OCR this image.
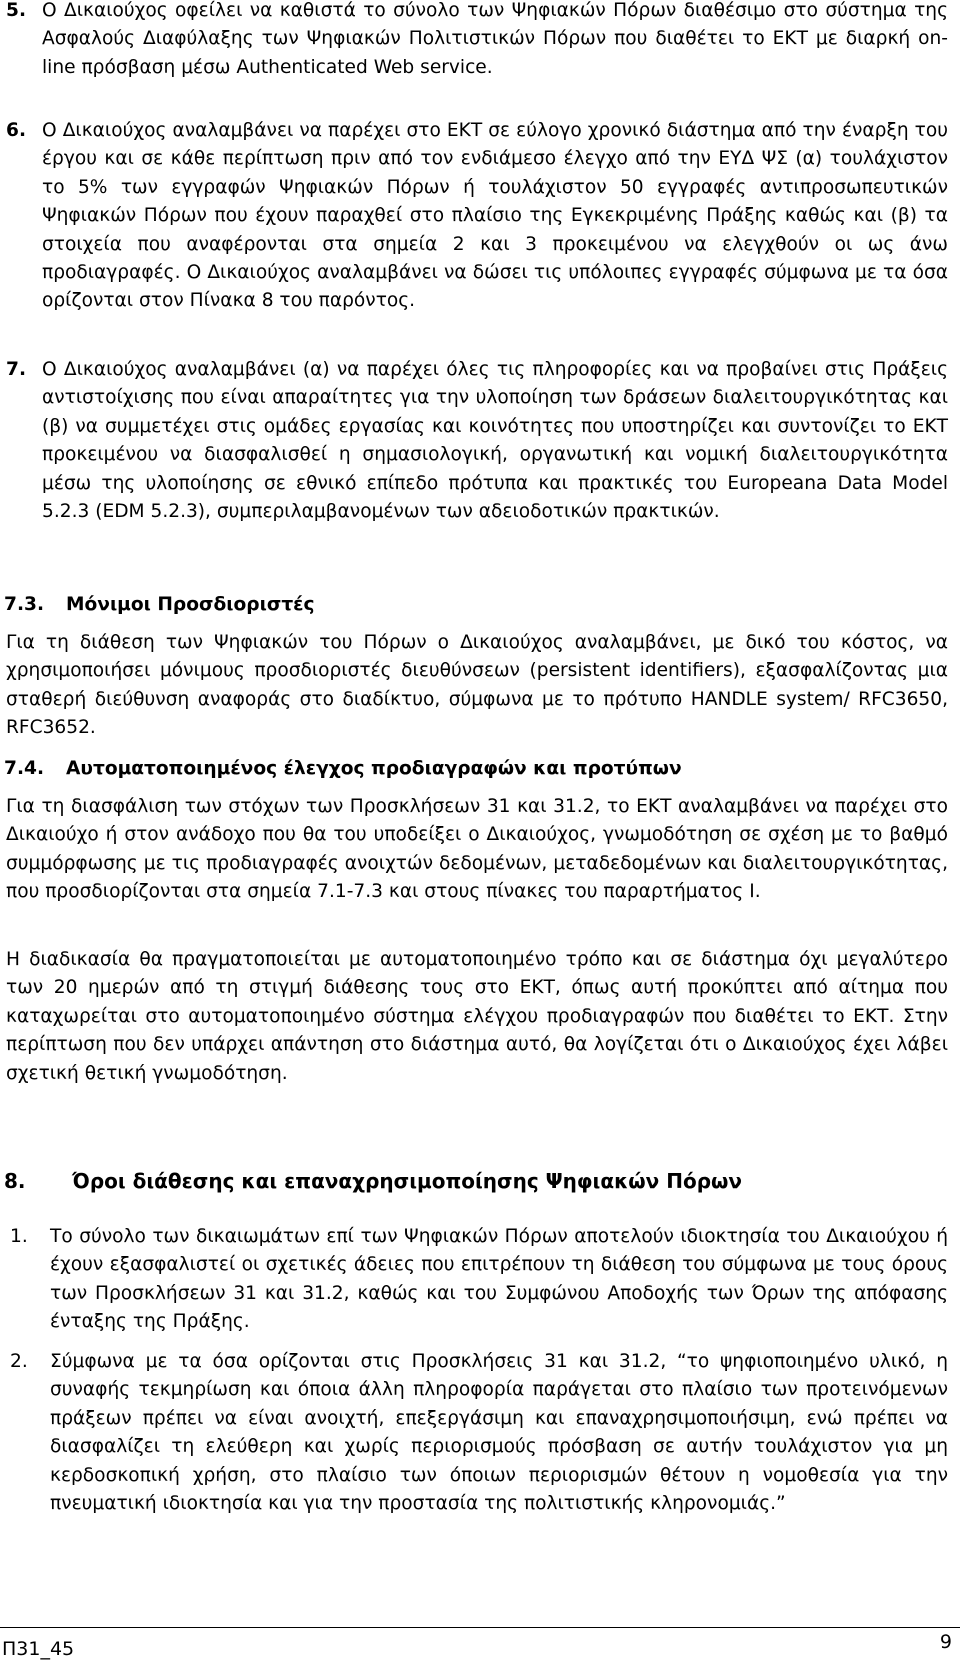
5. Ο Δικαιούχος οφείλει να καθιστά το σύνολο των Ψηφιακών Πόρων διαθέσιμο στο σύστημα της Ασφαλούς Διαφύλαξης των Ψηφιακών Πολιτιστικών Πόρων που διαθέτει το ΕΚΤ με διαρκή on-line πρόσβαση μέσω Authenticated Web service.
6. Ο Δικαιούχος αναλαμβάνει να παρέχει στο ΕΚΤ σε εύλογο χρονικό διάστημα από την έναρξη του έργου και σε κάθε περίπτωση πριν από τον ενδιάμεσο έλεγχο από την ΕΥΔ ΨΣ (α) τουλάχιστον το 5% των εγγραφών Ψηφιακών Πόρων ή τουλάχιστον 50 εγγραφές αντιπροσωπευτικών Ψηφιακών Πόρων που έχουν παραχθεί στο πλαίσιο της Εγκεκριμένης Πράξης καθώς και (β) τα στοιχεία που αναφέρονται στα σημεία 2 και 3 προκειμένου να ελεγχθούν οι ως άνω προδιαγραφές. Ο Δικαιούχος αναλαμβάνει να δώσει τις υπόλοιπες εγγραφές σύμφωνα με τα όσα ορίζονται στον Πίνακα 8 του παρόντος.
7. Ο Δικαιούχος αναλαμβάνει (α) να παρέχει όλες τις πληροφορίες και να προβαίνει στις Πράξεις αντιστοίχισης που είναι απαραίτητες για την υλοποίηση των δράσεων διαλειτουργικότητας και (β) να συμμετέχει στις ομάδες εργασίας και κοινότητες που υποστηρίζει και συντονίζει το ΕΚΤ προκειμένου να διασφαλισθεί η σημασιολογική, οργανωτική και νομική διαλειτουργικότητα μέσω της υλοποίησης σε εθνικό επίπεδο πρότυπα και πρακτικές του Europeana Data Model 5.2.3 (EDM 5.2.3), συμπεριλαμβανομένων των αδειοδοτικών πρακτικών.
7.3. Μόνιμοι Προσδιοριστές
Για τη διάθεση των Ψηφιακών του Πόρων ο Δικαιούχος αναλαμβάνει, με δικό του κόστος, να χρησιμοποιήσει μόνιμους προσδιοριστές διευθύνσεων (persistent identifiers), εξασφαλίζοντας μια σταθερή διεύθυνση αναφοράς στο διαδίκτυο, σύμφωνα με το πρότυπο HANDLE system/ RFC3650, RFC3652.
7.4. Αυτοματοποιημένος έλεγχος προδιαγραφών και προτύπων
Για τη διασφάλιση των στόχων των Προσκλήσεων 31 και 31.2, το ΕΚΤ αναλαμβάνει να παρέχει στο Δικαιούχο ή στον ανάδοχο που θα του υποδείξει ο Δικαιούχος, γνωμοδότηση σε σχέση με το βαθμό συμμόρφωσης με τις προδιαγραφές ανοιχτών δεδομένων, μεταδεδομένων και διαλειτουργικότητας, που προσδιορίζονται στα σημεία 7.1-7.3 και στους πίνακες του παραρτήματος Ι.
Η διαδικασία θα πραγματοποιείται με αυτοματοποιημένο τρόπο και σε διάστημα όχι μεγαλύτερο των 20 ημερών από τη στιγμή διάθεσης τους στο ΕΚΤ, όπως αυτή προκύπτει από αίτημα που καταχωρείται στο αυτοματοποιημένο σύστημα ελέγχου προδιαγραφών που διαθέτει το ΕΚΤ. Στην περίπτωση που δεν υπάρχει απάντηση στο διάστημα αυτό, θα λογίζεται ότι ο Δικαιούχος έχει λάβει σχετική θετική γνωμοδότηση.
8. Όροι διάθεσης και επαναχρησιμοποίησης Ψηφιακών Πόρων
1. Το σύνολο των δικαιωμάτων επί των Ψηφιακών Πόρων αποτελούν ιδιοκτησία του Δικαιούχου ή έχουν εξασφαλιστεί οι σχετικές άδειες που επιτρέπουν τη διάθεση του σύμφωνα με τους όρους των Προσκλήσεων 31 και 31.2, καθώς και του Συμφώνου Αποδοχής των Όρων της απόφασης ένταξης της Πράξης.
2. Σύμφωνα με τα όσα ορίζονται στις Προσκλήσεις 31 και 31.2, “το ψηφιοποιημένο υλικό, η συναφής τεκμηρίωση και όποια άλλη πληροφορία παράγεται στο πλαίσιο των προτεινόμενων πράξεων πρέπει να είναι ανοιχτή, επεξεργάσιμη και επαναχρησιμοποιήσιμη, ενώ πρέπει να διασφαλίζει τη ελεύθερη και χωρίς περιορισμούς πρόσβαση σε αυτήν τουλάχιστον για μη κερδοσκοπική χρήση, στο πλαίσιο των όποιων περιορισμών θέτουν η νομοθεσία για την πνευματική ιδιοκτησία και για την προστασία της πολιτιστικής κληρονομιάς.”
Π31_45	9
